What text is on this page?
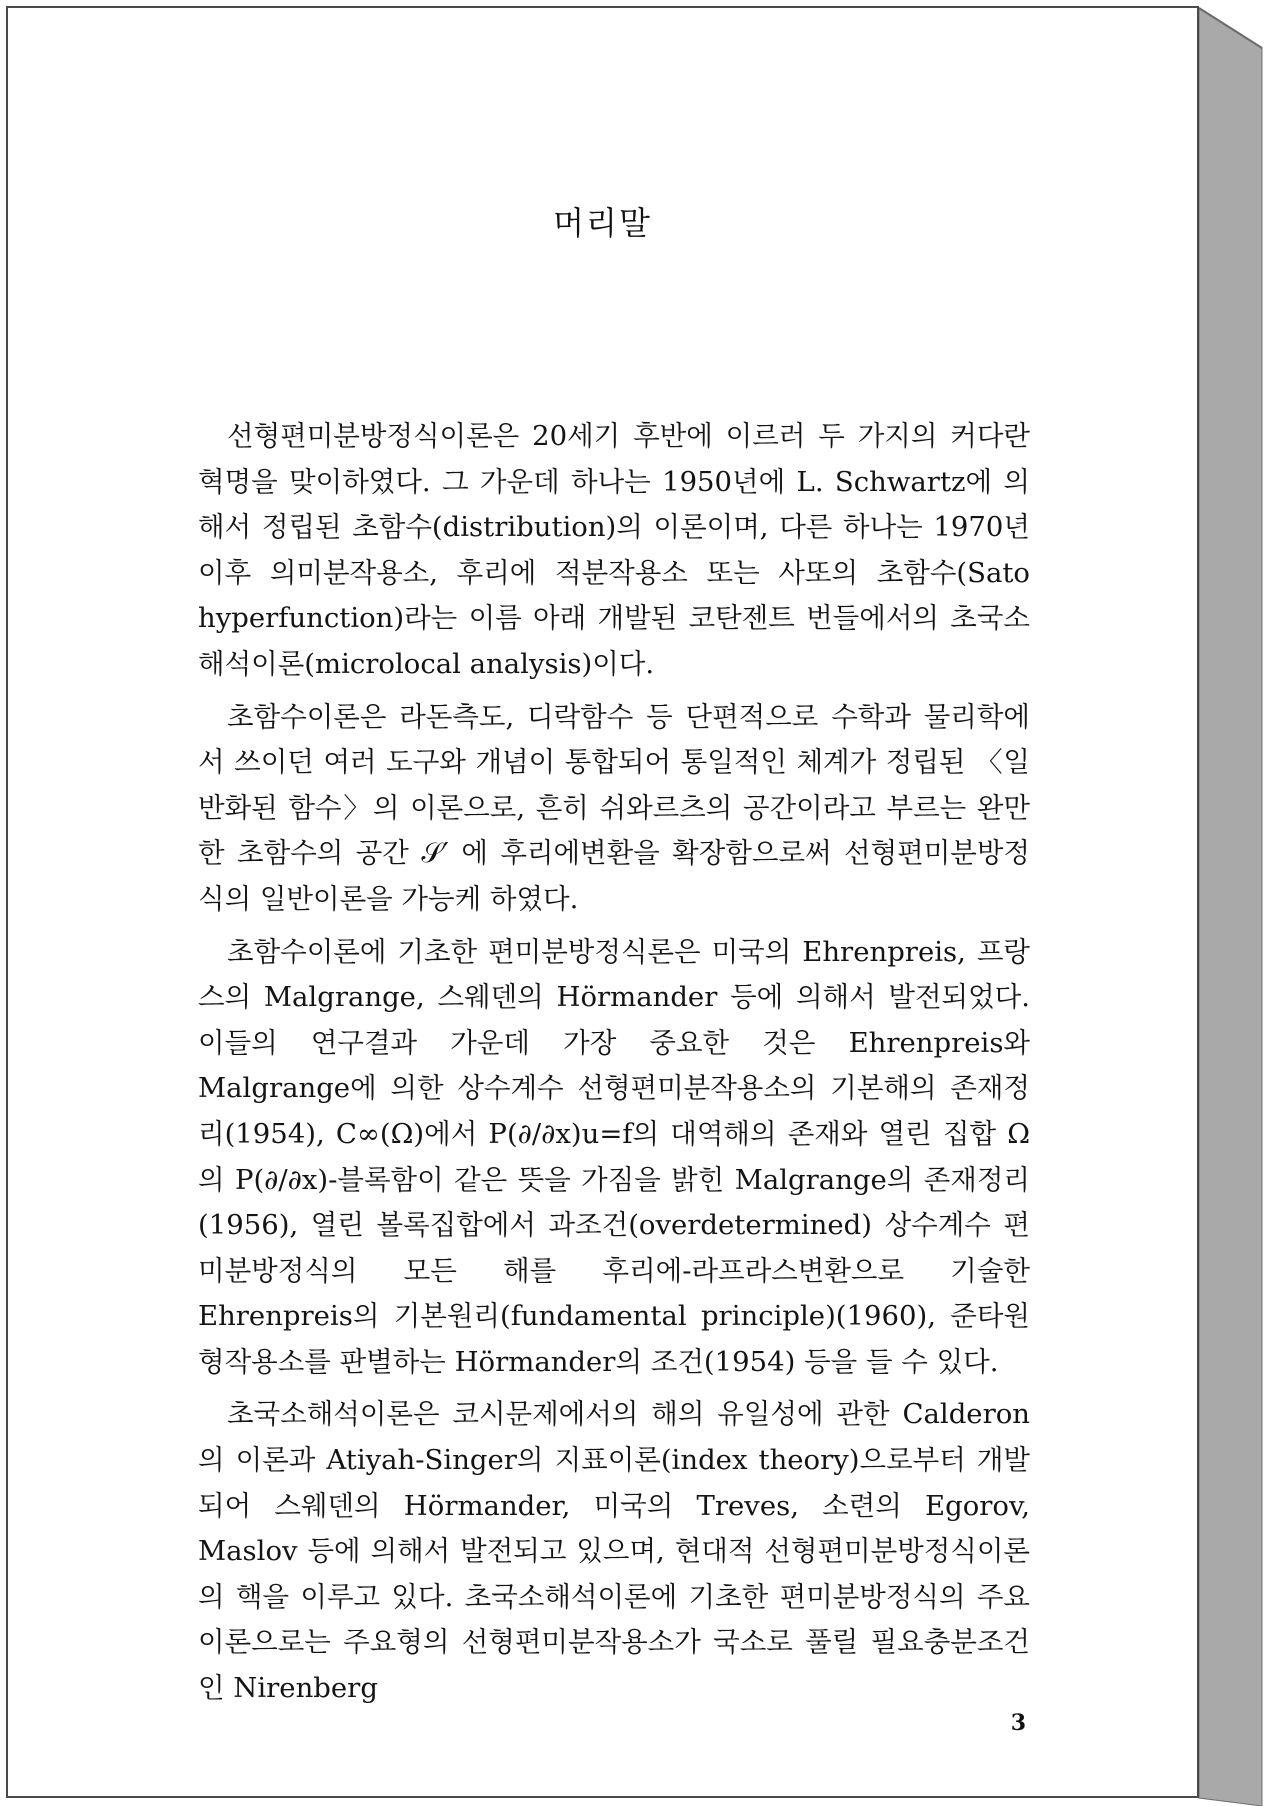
머리말

선형편미분방정식이론은 20세기 후반에 이르러 두 가지의 커다란 혁명을 맞이하였다. 그 가운데 하나는 1950년에 L. Schwartz에 의해서 정립된 초함수(distribution)의 이론이며, 다른 하나는 1970년 이후 의미분작용소, 후리에 적분작용소 또는 사또의 초함수(Sato hyperfunction)라는 이름 아래 개발된 코탄젠트 번들에서의 초국소해석이론(microlocal analysis)이다.

초함수이론은 라돈측도, 디락함수 등 단편적으로 수학과 물리학에서 쓰이던 여러 도구와 개념이 통합되어 통일적인 체계가 정립된 〈일반화된 함수〉의 이론으로, 흔히 쉬와르츠의 공간이라고 부르는 완만한 초함수의 공간 𝒮′ 에 후리에변환을 확장함으로써 선형편미분방정식의 일반이론을 가능케 하였다.

초함수이론에 기초한 편미분방정식론은 미국의 Ehrenpreis, 프랑스의 Malgrange, 스웨덴의 Hörmander 등에 의해서 발전되었다. 이들의 연구결과 가운데 가장 중요한 것은 Ehrenpreis와 Malgrange에 의한 상수계수 선형편미분작용소의 기본해의 존재정리(1954), C∞(Ω)에서 P(∂/∂x)u=f의 대역해의 존재와 열린 집합 Ω의 P(∂/∂x)-블록함이 같은 뜻을 가짐을 밝힌 Malgrange의 존재정리(1956), 열린 볼록집합에서 과조건(overdetermined) 상수계수 편미분방정식의 모든 해를 후리에-라프라스변환으로 기술한 Ehrenpreis의 기본원리(fundamental principle)(1960), 준타원형작용소를 판별하는 Hörmander의 조건(1954) 등을 들 수 있다.

초국소해석이론은 코시문제에서의 해의 유일성에 관한 Calderon의 이론과 Atiyah-Singer의 지표이론(index theory)으로부터 개발되어 스웨덴의 Hörmander, 미국의 Treves, 소련의 Egorov, Maslov 등에 의해서 발전되고 있으며, 현대적 선형편미분방정식이론의 핵을 이루고 있다. 초국소해석이론에 기초한 편미분방정식의 주요 이론으로는 주요형의 선형편미분작용소가 국소로 풀릴 필요충분조건인 Nirenberg

3
